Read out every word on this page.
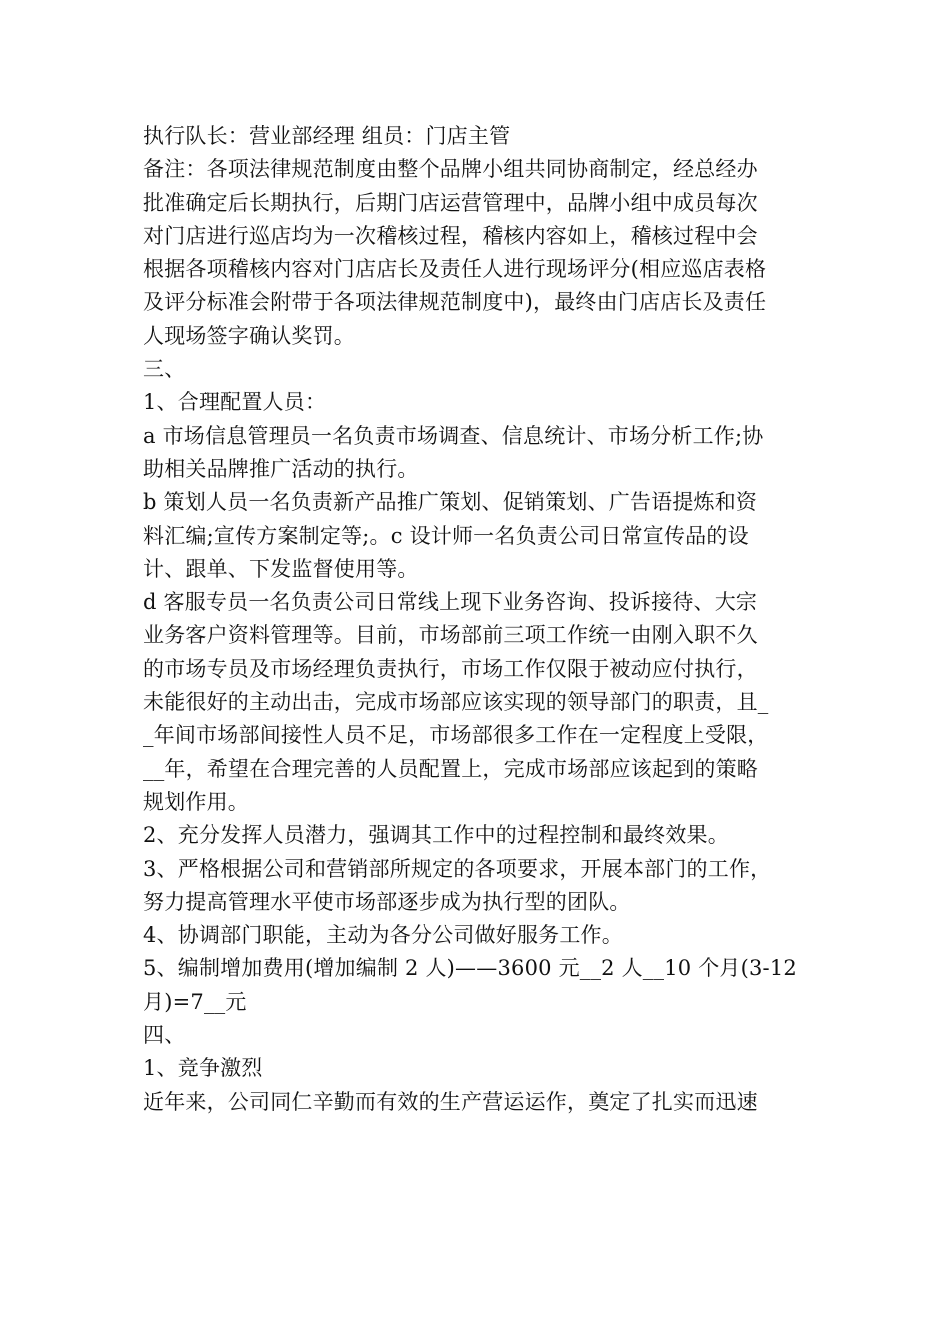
执行队长：营业部经理 组员：门店主管
备注：各项法律规范制度由整个品牌小组共同协商制定，经总经办
批准确定后长期执行，后期门店运营管理中，品牌小组中成员每次
对门店进行巡店均为一次稽核过程，稽核内容如上，稽核过程中会
根据各项稽核内容对门店店长及责任人进行现场评分(相应巡店表格
及评分标准会附带于各项法律规范制度中)，最终由门店店长及责任
人现场签字确认奖罚。
三、
1、合理配置人员：
a 市场信息管理员一名负责市场调查、信息统计、市场分析工作;协
助相关品牌推广活动的执行。
b 策划人员一名负责新产品推广策划、促销策划、广告语提炼和资
料汇编;宣传方案制定等;。c 设计师一名负责公司日常宣传品的设
计、跟单、下发监督使用等。
d 客服专员一名负责公司日常线上现下业务咨询、投诉接待、大宗
业务客户资料管理等。目前，市场部前三项工作统一由刚入职不久
的市场专员及市场经理负责执行，市场工作仅限于被动应付执行，
未能很好的主动出击，完成市场部应该实现的领导部门的职责，且_
_年间市场部间接性人员不足，市场部很多工作在一定程度上受限，
__年，希望在合理完善的人员配置上，完成市场部应该起到的策略
规划作用。
2、充分发挥人员潜力，强调其工作中的过程控制和最终效果。
3、严格根据公司和营销部所规定的各项要求，开展本部门的工作，
努力提高管理水平使市场部逐步成为执行型的团队。
4、协调部门职能，主动为各分公司做好服务工作。
5、编制增加费用(增加编制 2 人)——3600 元__2 人__10 个月(3-12
月)=7__元
四、
1、竞争激烈
近年来，公司同仁辛勤而有效的生产营运运作，奠定了扎实而迅速
